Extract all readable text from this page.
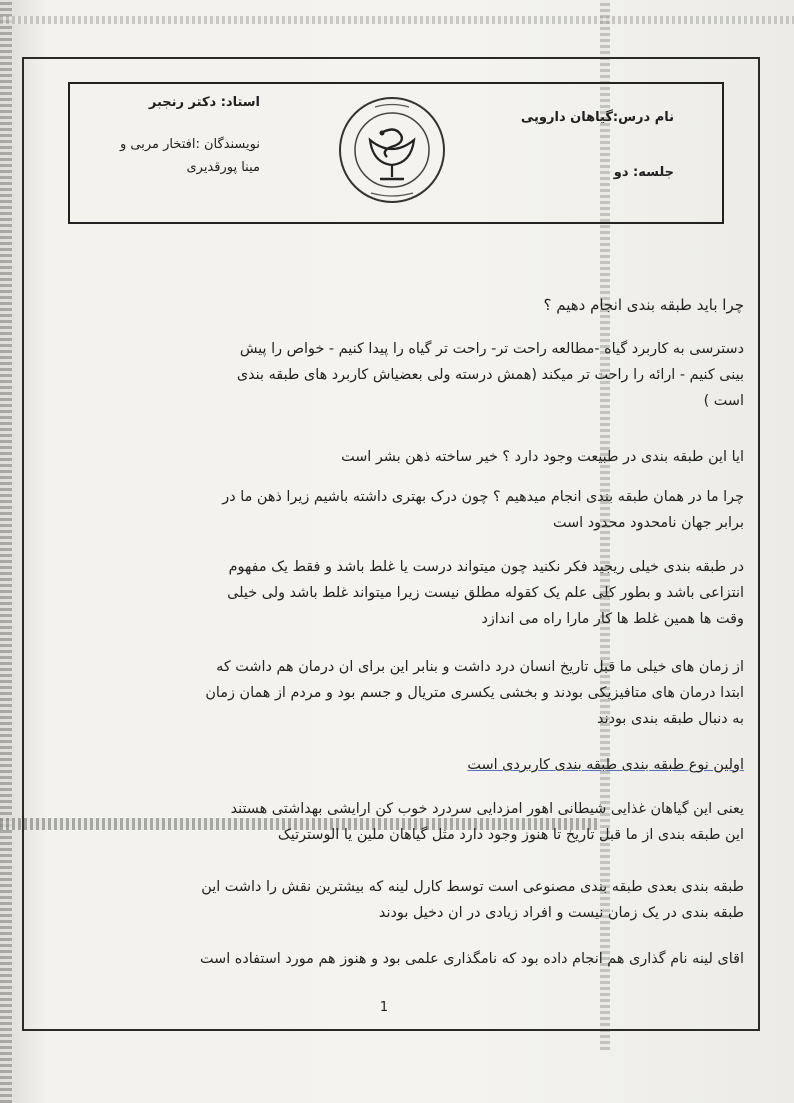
نام درس:گیاهان داروپی
جلسه: دو
استاد: دکتر رنجبر
نویسندگان :افتخار مربی و
مینا پورقدیری
چرا باید طبقه بندی انجام دهیم ؟
دسترسی به کاربرد گیاه -مطالعه راحت تر- راحت تر گیاه را پیدا کنیم - خواص را پیش
بینی کنیم - ارائه را راحت تر میکند (همش درسته ولی بعضیاش کاربرد های طبقه بندی
است )
ایا این طبقه بندی در طبیعت وجود دارد ؟ خیر ساخته ذهن بشر است
چرا ما در همان طبقه بندی انجام میدهیم ؟ چون درک بهتری داشته باشیم زیرا ذهن ما در
برابر جهان نامحدود محدود است
در طبقه بندی خیلی ریجید فکر نکنید چون میتواند درست یا غلط باشد و فقط یک مفهوم
انتزاعی باشد و بطور کلی علم یک کقوله مطلق نیست زیرا میتواند غلط باشد ولی خیلی
وقت ها همین غلط ها کار مارا راه می اندازد
از زمان های خیلی ما قبل تاریخ انسان درد داشت و بنابر این برای ان درمان هم داشت که
ابتدا درمان های متافیزیکی بودند و بخشی یکسری متریال و جسم بود و مردم از همان زمان
به دنبال طبقه بندی بودند
اولین نوع طبقه بندی طبقه بندی کاربردی است
یعنی این گیاهان غذایی شیطانی اهور امزدایی سردرد خوب کن ارایشی بهداشتی هستند
این طبقه بندی از ما قبل تاریخ تا هنوز وجود دارد مثل گیاهان ملین یا الوسترتیک
طبقه بندی بعدی طبقه بندی مصنوعی است توسط کارل لینه که بیشترین نقش را داشت این
طبقه بندی در یک زمان نیست و افراد زیادی در ان دخیل بودند
اقای لینه نام گذاری هم انجام داده بود که نامگذاری علمی بود و هنوز هم مورد استفاده است
1
